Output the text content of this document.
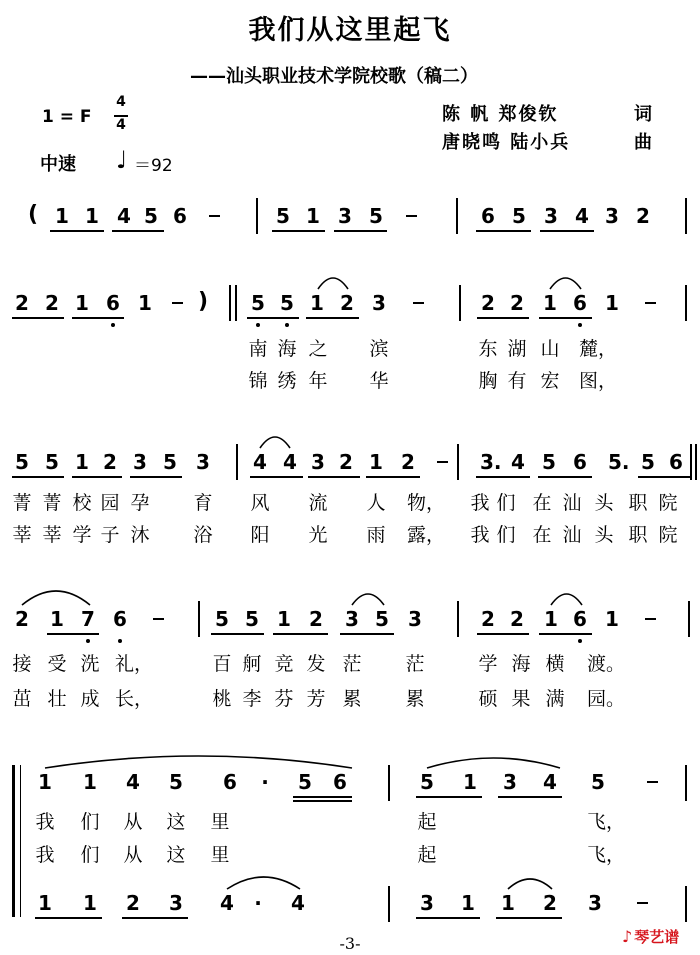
我们从这里起飞
——汕头职业技术学院校歌（稿二）
1 = F
4
4
中速 ♩ ＝92
陈 帆 郑俊钦	词
唐晓鸣 陆小兵	曲
( 1 1 4 5 6	5 1 3 5	6 5 3 4 3 2
2 2 1 6 1 ) 5 5 1 2 3	2 2 1 6 1
南 海 之 滨	东 湖 山 麓，
锦 绣 年 华	胸 有 宏 图，
5 5 1 2 3 5 3 4 4 3 2 1 2	3. 4 5 6 5. 5 6
菁 菁 校 园 孕 育 风 流 人 物， 我 们 在 汕 头 职 院
莘 莘 学 子 沐 浴 阳 光 雨 露， 我 们 在 汕 头 职 院
2 1 7 6	5 5 1 2 3 5 3	2 2 1 6 1
接 受 洗 礼，	百 舸 竞 发 茫 茫	学 海 横 渡。
茁 壮 成 长，	桃 李 芬 芳 累 累	硕 果 满 园。
1 1 4 5 6	·	5 6	5 1 3 4 5
我 们 从 这 里	起	飞，
我 们 从 这 里	起	飞，
1 1 2 3 4	·	4	3 1 1 2 3
-3-	♪ 琴艺谱
